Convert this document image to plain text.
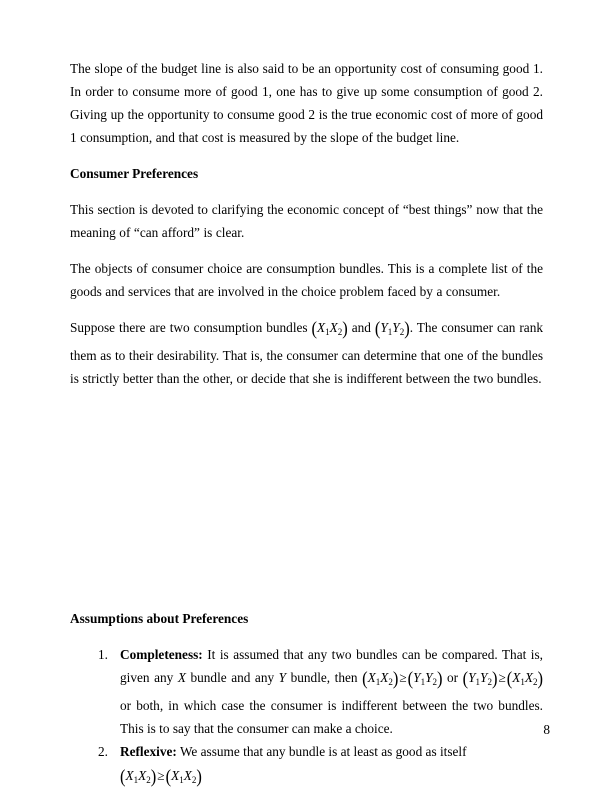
The slope of the budget line is also said to be an opportunity cost of consuming good 1. In order to consume more of good 1, one has to give up some consumption of good 2. Giving up the opportunity to consume good 2 is the true economic cost of more of good 1 consumption, and that cost is measured by the slope of the budget line.

Consumer Preferences

This section is devoted to clarifying the economic concept of “best things” now that the meaning of “can afford” is clear.

The objects of consumer choice are consumption bundles. This is a complete list of the goods and services that are involved in the choice problem faced by a consumer.

Suppose there are two consumption bundles $(X_1X_2)$ and $(Y_1Y_2)$. The consumer can rank them as to their desirability. That is, the consumer can determine that one of the bundles is strictly better than the other, or decide that she is indifferent between the two bundles.

Assumptions about Preferences
Completeness: It is assumed that any two bundles can be compared. That is, given any X bundle and any Y bundle, then $(X_1X_2)\ge(Y_1Y_2)$ or $(Y_1Y_2)\ge(X_1X_2)$ or both, in which case the consumer is indifferent between the two bundles. This is to say that the consumer can make a choice.
Reflexive: We assume that any bundle is at least as good as itself
$(X_1X_2)\ge(X_1X_2)$
8
